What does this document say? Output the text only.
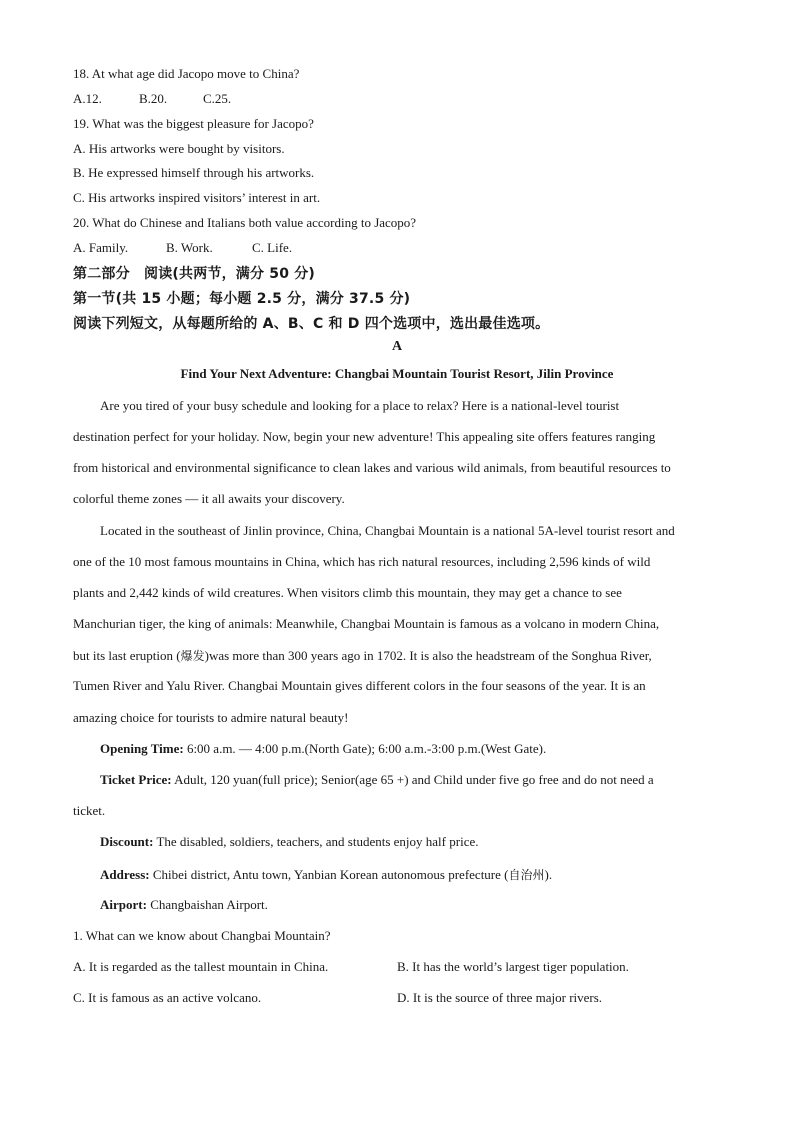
18. At what age did Jacopo move to China?
A.12.	B.20.	C.25.
19. What was the biggest pleasure for Jacopo?
A. His artworks were bought by visitors.
B. He expressed himself through his artworks.
C. His artworks inspired visitors’ interest in art.
20. What do Chinese and Italians both value according to Jacopo?
A. Family.	B. Work.	C. Life.
第二部分　阅读(共两节，满分 50 分)
第一节(共 15 小题；每小题 2.5 分，满分 37.5 分)
阅读下列短文，从每题所给的 A、B、C 和 D 四个选项中，选出最佳选项。
A
Find Your Next Adventure: Changbai Mountain Tourist Resort, Jilin Province
Are you tired of your busy schedule and looking for a place to relax? Here is a national-level tourist
destination perfect for your holiday. Now, begin your new adventure! This appealing site offers features ranging
from historical and environmental significance to clean lakes and various wild animals, from beautiful resources to
colorful theme zones — it all awaits your discovery.
Located in the southeast of Jinlin province, China, Changbai Mountain is a national 5A-level tourist resort and
one of the 10 most famous mountains in China, which has rich natural resources, including 2,596 kinds of wild
plants and 2,442 kinds of wild creatures. When visitors climb this mountain, they may get a chance to see
Manchurian tiger, the king of animals: Meanwhile, Changbai Mountain is famous as a volcano in modern China,
but its last eruption (爆发)was more than 300 years ago in 1702. It is also the headstream of the Songhua River,
Tumen River and Yalu River. Changbai Mountain gives different colors in the four seasons of the year. It is an
amazing choice for tourists to admire natural beauty!
Opening Time: 6:00 a.m. — 4:00 p.m.(North Gate); 6:00 a.m.-3:00 p.m.(West Gate).
Ticket Price: Adult, 120 yuan(full price); Senior(age 65 +) and Child under five go free and do not need a
ticket.
Discount: The disabled, soldiers, teachers, and students enjoy half price.
Address: Chibei district, Antu town, Yanbian Korean autonomous prefecture (自治州).
Airport: Changbaishan Airport.
1. What can we know about Changbai Mountain?
A. It is regarded as the tallest mountain in China.	B. It has the world’s largest tiger population.
C. It is famous as an active volcano.	D. It is the source of three major rivers.
